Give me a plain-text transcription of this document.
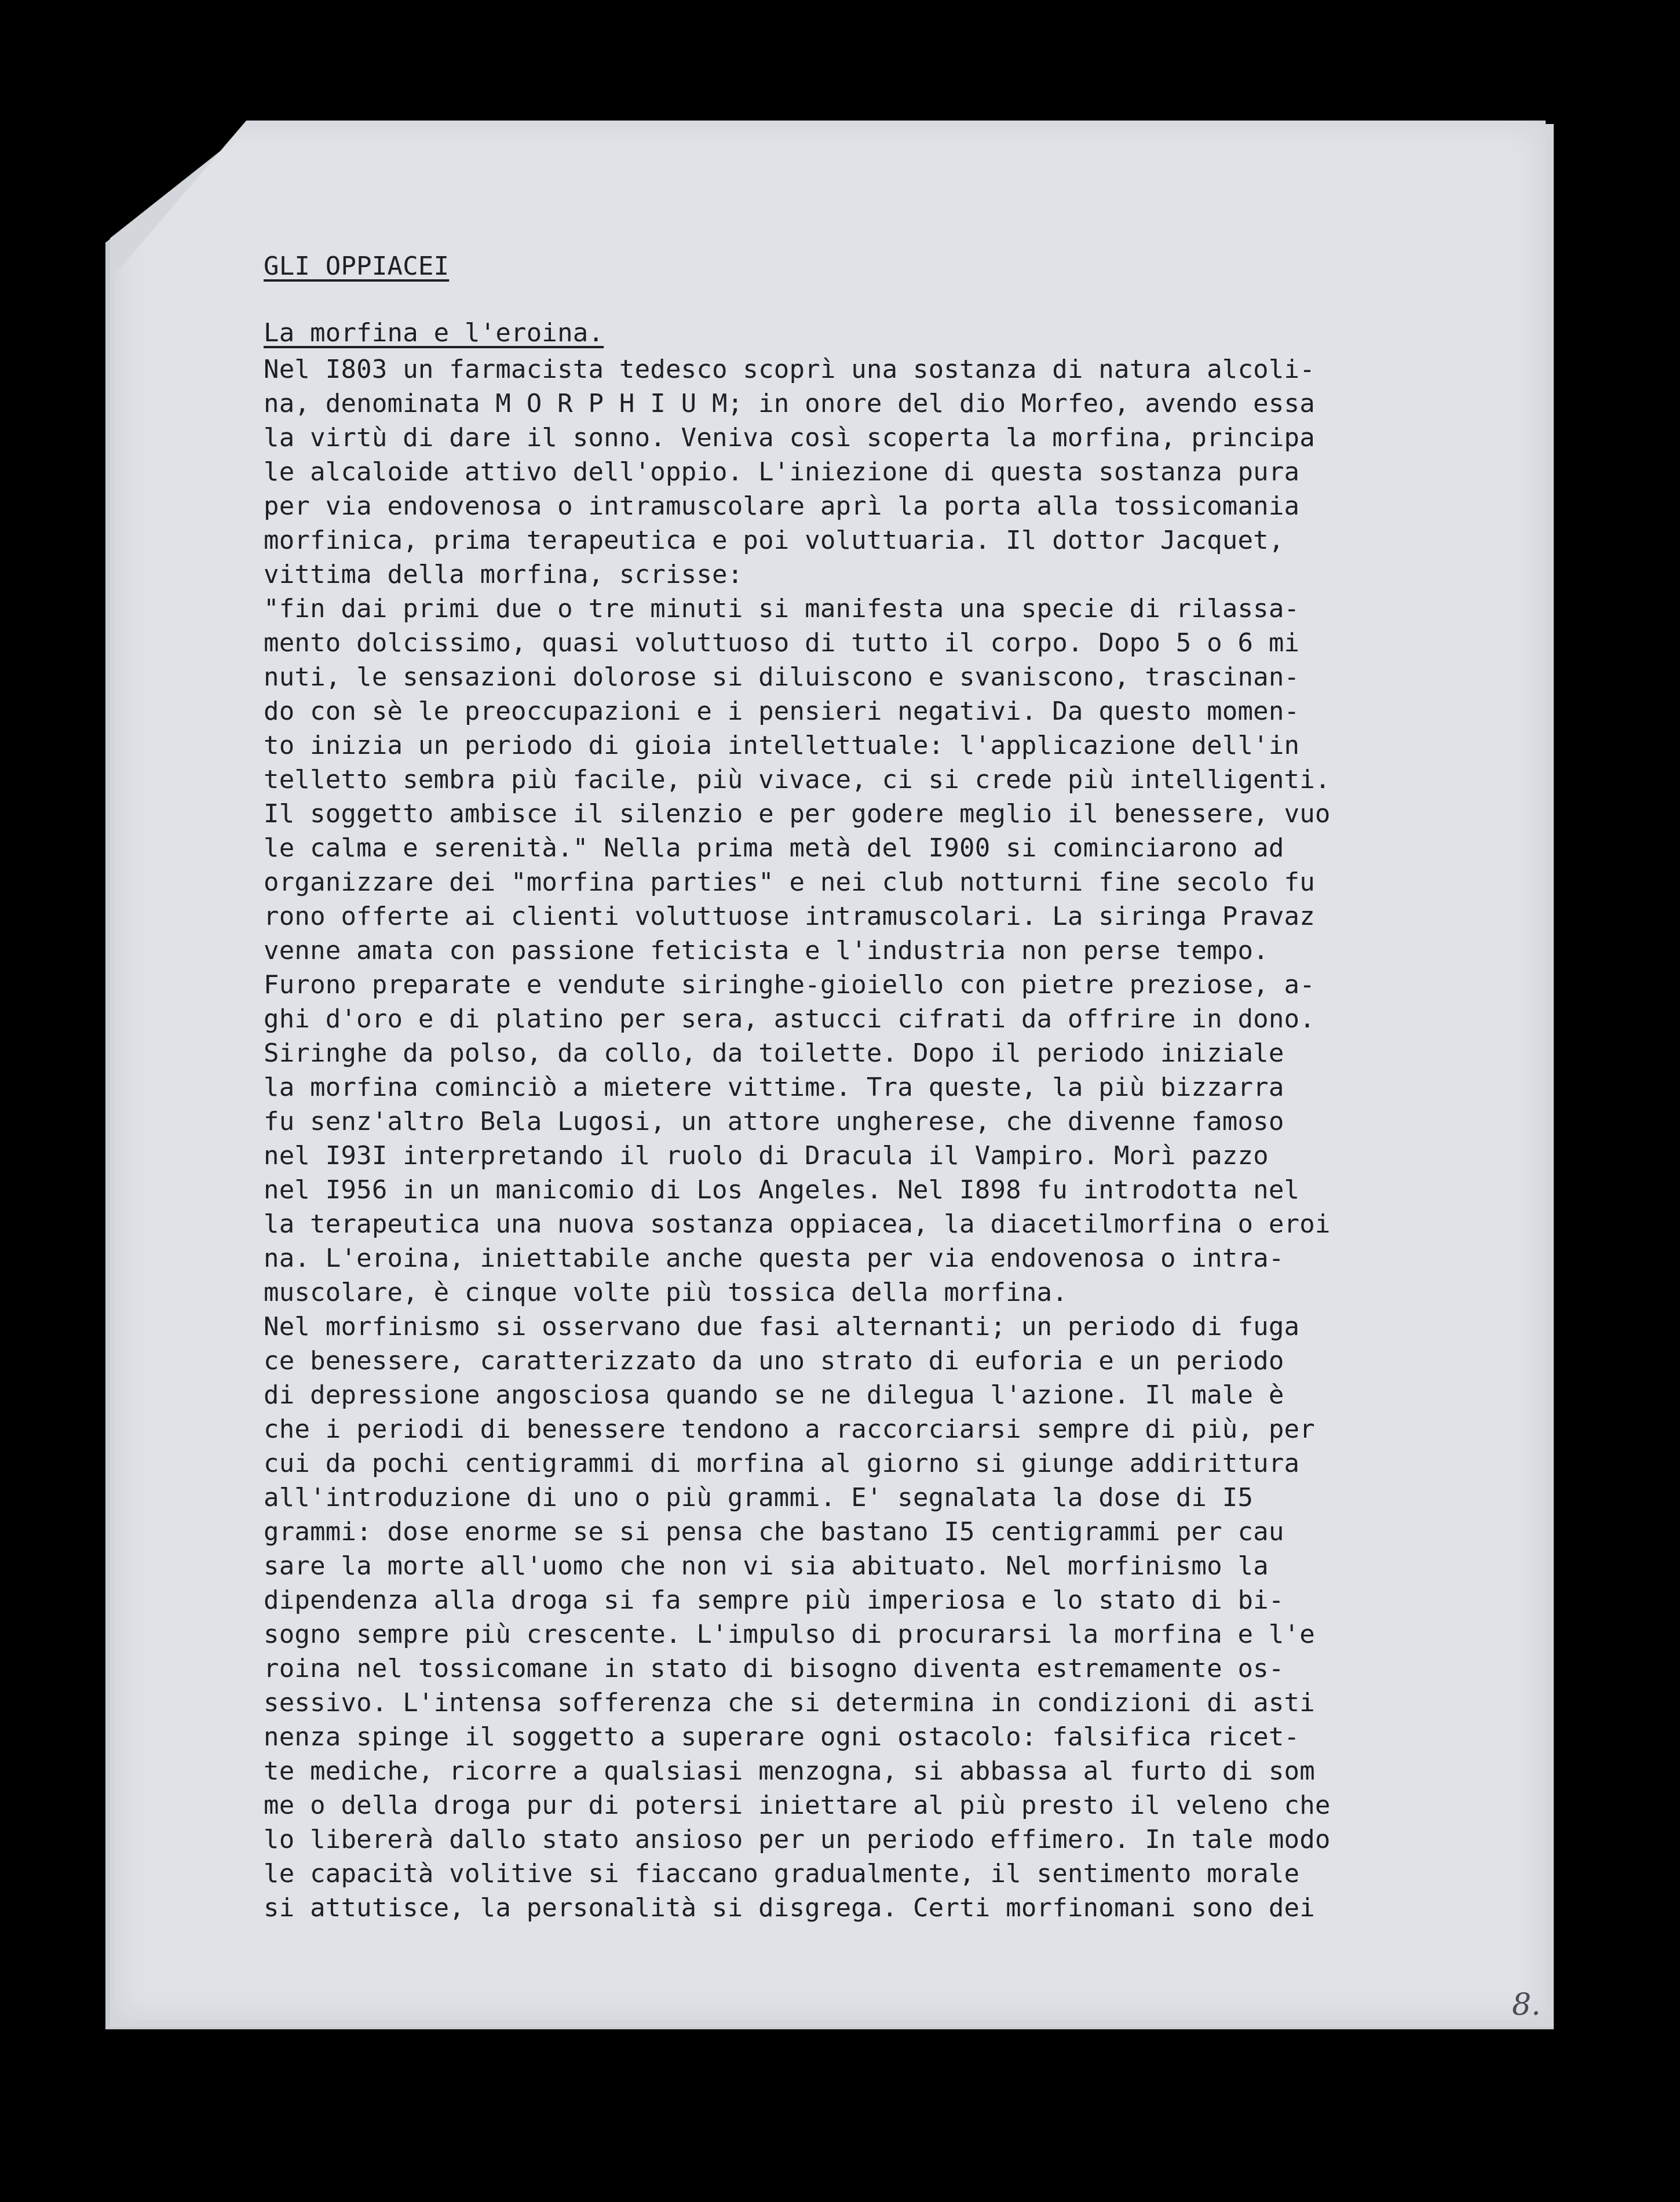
GLI OPPIACEI
La morfina e l'eroina.
Nel I803 un farmacista tedesco scoprì una sostanza di natura alcoli-
na, denominata M O R P H I U M; in onore del dio Morfeo, avendo essa
la virtù di dare il sonno. Veniva così scoperta la morfina, principa
le alcaloide attivo dell'oppio. L'iniezione di questa sostanza pura
per via endovenosa o intramuscolare aprì la porta alla tossicomania
morfinica, prima terapeutica e poi voluttuaria. Il dottor Jacquet,
vittima della morfina, scrisse:
"fin dai primi due o tre minuti si manifesta una specie di rilassa-
mento dolcissimo, quasi voluttuoso di tutto il corpo. Dopo 5 o 6 mi
nuti, le sensazioni dolorose si diluiscono e svaniscono, trascinan-
do con sè le preoccupazioni e i pensieri negativi. Da questo momen-
to inizia un periodo di gioia intellettuale: l'applicazione dell'in
telletto sembra più facile, più vivace, ci si crede più intelligenti.
Il soggetto ambisce il silenzio e per godere meglio il benessere, vuo
le calma e serenità." Nella prima metà del I900 si cominciarono ad
organizzare dei "morfina parties" e nei club notturni fine secolo fu
rono offerte ai clienti voluttuose intramuscolari. La siringa Pravaz
venne amata con passione feticista e l'industria non perse tempo.
Furono preparate e vendute siringhe-gioiello con pietre preziose, a-
ghi d'oro e di platino per sera, astucci cifrati da offrire in dono.
Siringhe da polso, da collo, da toilette. Dopo il periodo iniziale
la morfina cominciò a mietere vittime. Tra queste, la più bizzarra
fu senz'altro Bela Lugosi, un attore ungherese, che divenne famoso
nel I93I interpretando il ruolo di Dracula il Vampiro. Morì pazzo
nel I956 in un manicomio di Los Angeles. Nel I898 fu introdotta nel
la terapeutica una nuova sostanza oppiacea, la diacetilmorfina o eroi
na. L'eroina, iniettabile anche questa per via endovenosa o intra-
muscolare, è cinque volte più tossica della morfina.
Nel morfinismo si osservano due fasi alternanti; un periodo di fuga
ce benessere, caratterizzato da uno strato di euforia e un periodo
di depressione angosciosa quando se ne dilegua l'azione. Il male è
che i periodi di benessere tendono a raccorciarsi sempre di più, per
cui da pochi centigrammi di morfina al giorno si giunge addirittura
all'introduzione di uno o più grammi. E' segnalata la dose di I5
grammi: dose enorme se si pensa che bastano I5 centigrammi per cau
sare la morte all'uomo che non vi sia abituato. Nel morfinismo la
dipendenza alla droga si fa sempre più imperiosa e lo stato di bi-
sogno sempre più crescente. L'impulso di procurarsi la morfina e l'e
roina nel tossicomane in stato di bisogno diventa estremamente os-
sessivo. L'intensa sofferenza che si determina in condizioni di asti
nenza spinge il soggetto a superare ogni ostacolo: falsifica ricet-
te mediche, ricorre a qualsiasi menzogna, si abbassa al furto di som
me o della droga pur di potersi iniettare al più presto il veleno che
lo libererà dallo stato ansioso per un periodo effimero. In tale modo
le capacità volitive si fiaccano gradualmente, il sentimento morale
si attutisce, la personalità si disgrega. Certi morfinomani sono dei
8.
